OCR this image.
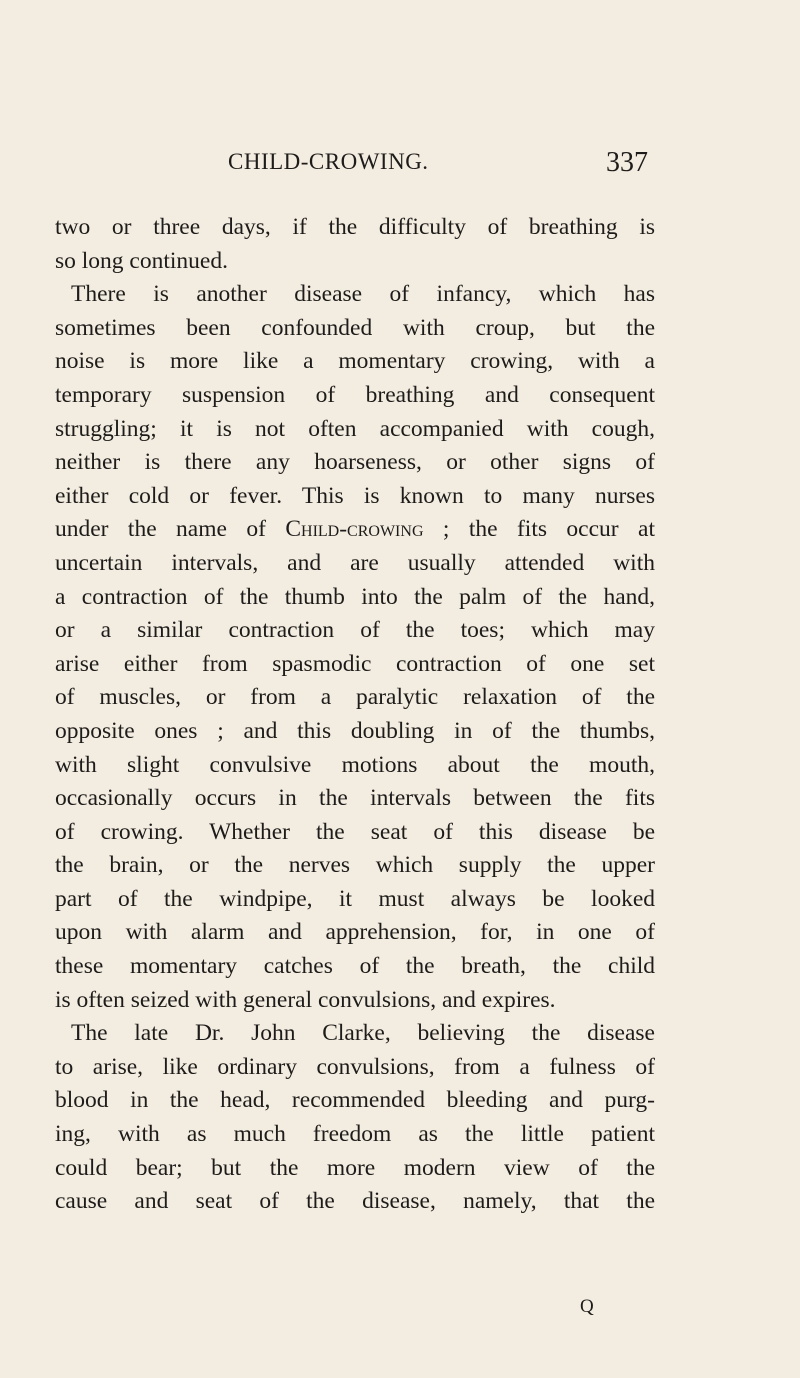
CHILD-CROWING.	337
two or three days, if the difficulty of breathing is
so long continued.
There is another disease of infancy, which has
sometimes been confounded with croup, but the
noise is more like a momentary crowing, with a
temporary suspension of breathing and consequent
struggling; it is not often accompanied with cough,
neither is there any hoarseness, or other signs of
either cold or fever. This is known to many nurses
under the name of Child-crowing ; the fits occur at
uncertain intervals, and are usually attended with
a contraction of the thumb into the palm of the hand,
or a similar contraction of the toes; which may
arise either from spasmodic contraction of one set
of muscles, or from a paralytic relaxation of the
opposite ones ; and this doubling in of the thumbs,
with slight convulsive motions about the mouth,
occasionally occurs in the intervals between the fits
of crowing. Whether the seat of this disease be
the brain, or the nerves which supply the upper
part of the windpipe, it must always be looked
upon with alarm and apprehension, for, in one of
these momentary catches of the breath, the child
is often seized with general convulsions, and expires.
The late Dr. John Clarke, believing the disease
to arise, like ordinary convulsions, from a fulness of
blood in the head, recommended bleeding and purg-
ing, with as much freedom as the little patient
could bear; but the more modern view of the
cause and seat of the disease, namely, that the
Q
